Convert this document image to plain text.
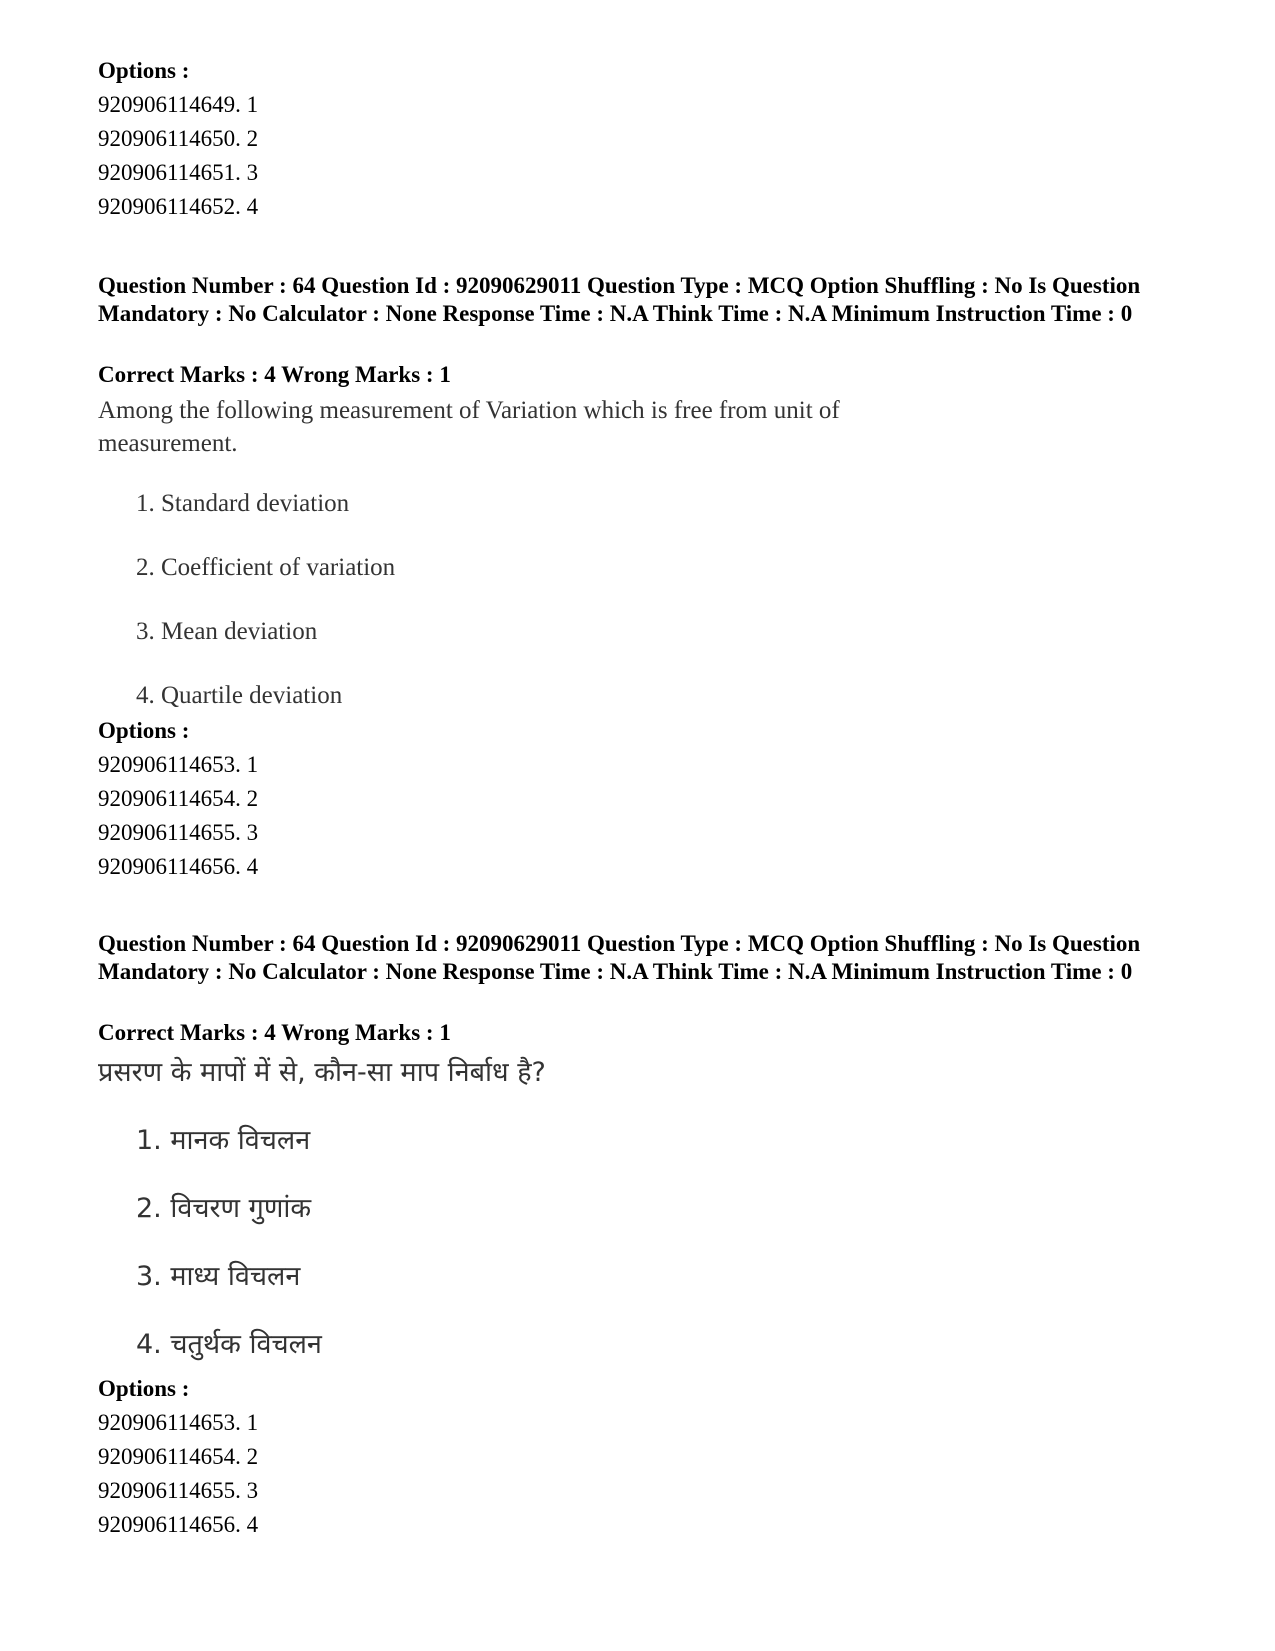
Options :
920906114649. 1
920906114650. 2
920906114651. 3
920906114652. 4
Question Number : 64 Question Id : 92090629011 Question Type : MCQ Option Shuffling : No Is Question Mandatory : No Calculator : None Response Time : N.A Think Time : N.A Minimum Instruction Time : 0
Correct Marks : 4 Wrong Marks : 1
Among the following measurement of Variation which is free from unit of
measurement.
1. Standard deviation
2. Coefficient of variation
3. Mean deviation
4. Quartile deviation
Options :
920906114653. 1
920906114654. 2
920906114655. 3
920906114656. 4
Question Number : 64 Question Id : 92090629011 Question Type : MCQ Option Shuffling : No Is Question Mandatory : No Calculator : None Response Time : N.A Think Time : N.A Minimum Instruction Time : 0
Correct Marks : 4 Wrong Marks : 1
प्रसरण के मापों में से, कौन-सा माप निर्बाध है?
1. मानक विचलन
2. विचरण गुणांक
3. माध्य विचलन
4. चतुर्थक विचलन
Options :
920906114653. 1
920906114654. 2
920906114655. 3
920906114656. 4
